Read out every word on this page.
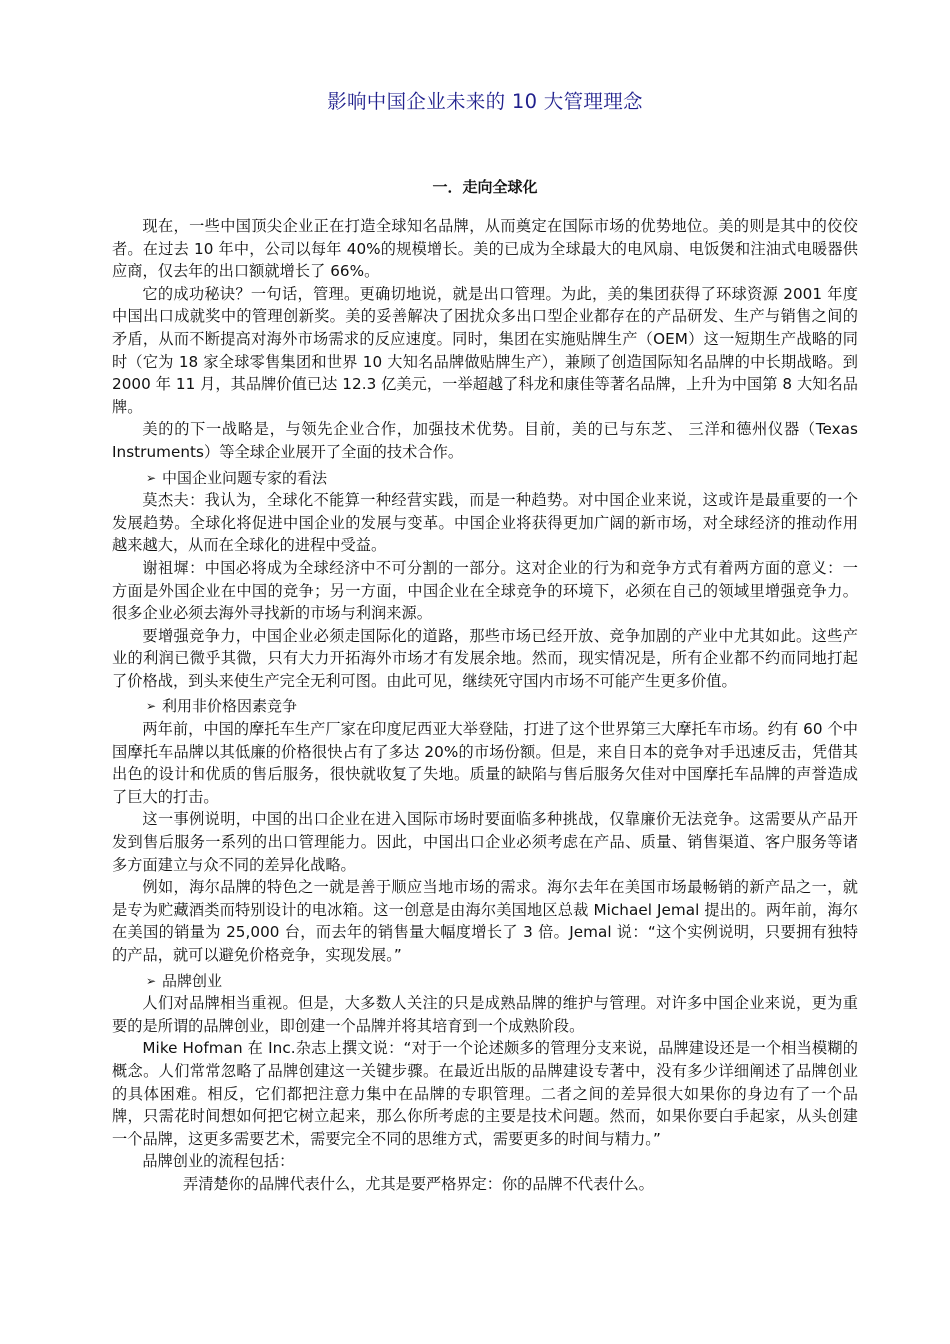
影响中国企业未来的 10 大管理理念
一．走向全球化

现在，一些中国顶尖企业正在打造全球知名品牌，从而奠定在国际市场的优势地位。美的则是其中的佼佼者。在过去 10 年中，公司以每年 40%的规模增长。美的已成为全球最大的电风扇、电饭煲和注油式电暖器供应商，仅去年的出口额就增长了 66%。

它的成功秘诀？一句话，管理。更确切地说，就是出口管理。为此，美的集团获得了环球资源 2001 年度中国出口成就奖中的管理创新奖。美的妥善解决了困扰众多出口型企业都存在的产品研发、生产与销售之间的矛盾，从而不断提高对海外市场需求的反应速度。同时，集团在实施贴牌生产（OEM）这一短期生产战略的同时（它为 18 家全球零售集团和世界 10 大知名品牌做贴牌生产），兼顾了创造国际知名品牌的中长期战略。到 2000 年 11 月，其品牌价值已达 12.3 亿美元，一举超越了科龙和康佳等著名品牌，上升为中国第 8 大知名品牌。

美的的下一战略是，与领先企业合作，加强技术优势。目前，美的已与东芝、 三洋和德州仪器（Texas Instruments）等全球企业展开了全面的技术合作。

➢ 中国企业问题专家的看法

莫杰夫：我认为，全球化不能算一种经营实践，而是一种趋势。对中国企业来说，这或许是最重要的一个发展趋势。全球化将促进中国企业的发展与变革。中国企业将获得更加广阔的新市场，对全球经济的推动作用越来越大，从而在全球化的进程中受益。

谢祖墀：中国必将成为全球经济中不可分割的一部分。这对企业的行为和竞争方式有着两方面的意义：一方面是外国企业在中国的竞争；另一方面，中国企业在全球竞争的环境下，必须在自己的领域里增强竞争力。很多企业必须去海外寻找新的市场与利润来源。

要增强竞争力，中国企业必须走国际化的道路，那些市场已经开放、竞争加剧的产业中尤其如此。这些产业的利润已微乎其微，只有大力开拓海外市场才有发展余地。然而，现实情况是，所有企业都不约而同地打起了价格战，到头来使生产完全无利可图。由此可见，继续死守国内市场不可能产生更多价值。

➢ 利用非价格因素竞争

两年前，中国的摩托车生产厂家在印度尼西亚大举登陆，打进了这个世界第三大摩托车市场。约有 60 个中国摩托车品牌以其低廉的价格很快占有了多达 20%的市场份额。但是，来自日本的竞争对手迅速反击，凭借其出色的设计和优质的售后服务，很快就收复了失地。质量的缺陷与售后服务欠佳对中国摩托车品牌的声誉造成了巨大的打击。

这一事例说明，中国的出口企业在进入国际市场时要面临多种挑战，仅靠廉价无法竞争。这需要从产品开发到售后服务一系列的出口管理能力。因此，中国出口企业必须考虑在产品、质量、销售渠道、客户服务等诸多方面建立与众不同的差异化战略。

例如，海尔品牌的特色之一就是善于顺应当地市场的需求。海尔去年在美国市场最畅销的新产品之一，就是专为贮藏酒类而特别设计的电冰箱。这一创意是由海尔美国地区总裁 Michael Jemal 提出的。两年前，海尔在美国的销量为 25,000 台，而去年的销售量大幅度增长了 3 倍。Jemal 说：“这个实例说明，只要拥有独特的产品，就可以避免价格竞争，实现发展。”

➢ 品牌创业

人们对品牌相当重视。但是，大多数人关注的只是成熟品牌的维护与管理。对许多中国企业来说，更为重要的是所谓的品牌创业，即创建一个品牌并将其培育到一个成熟阶段。

Mike Hofman 在 Inc.杂志上撰文说：“对于一个论述颇多的管理分支来说，品牌建设还是一个相当模糊的概念。人们常常忽略了品牌创建这一关键步骤。在最近出版的品牌建设专著中，没有多少详细阐述了品牌创业的具体困难。相反，它们都把注意力集中在品牌的专职管理。二者之间的差异很大如果你的身边有了一个品牌，只需花时间想如何把它树立起来，那么你所考虑的主要是技术问题。然而，如果你要白手起家，从头创建一个品牌，这更多需要艺术，需要完全不同的思维方式，需要更多的时间与精力。”

品牌创业的流程包括：

弄清楚你的品牌代表什么，尤其是要严格界定：你的品牌不代表什么。
